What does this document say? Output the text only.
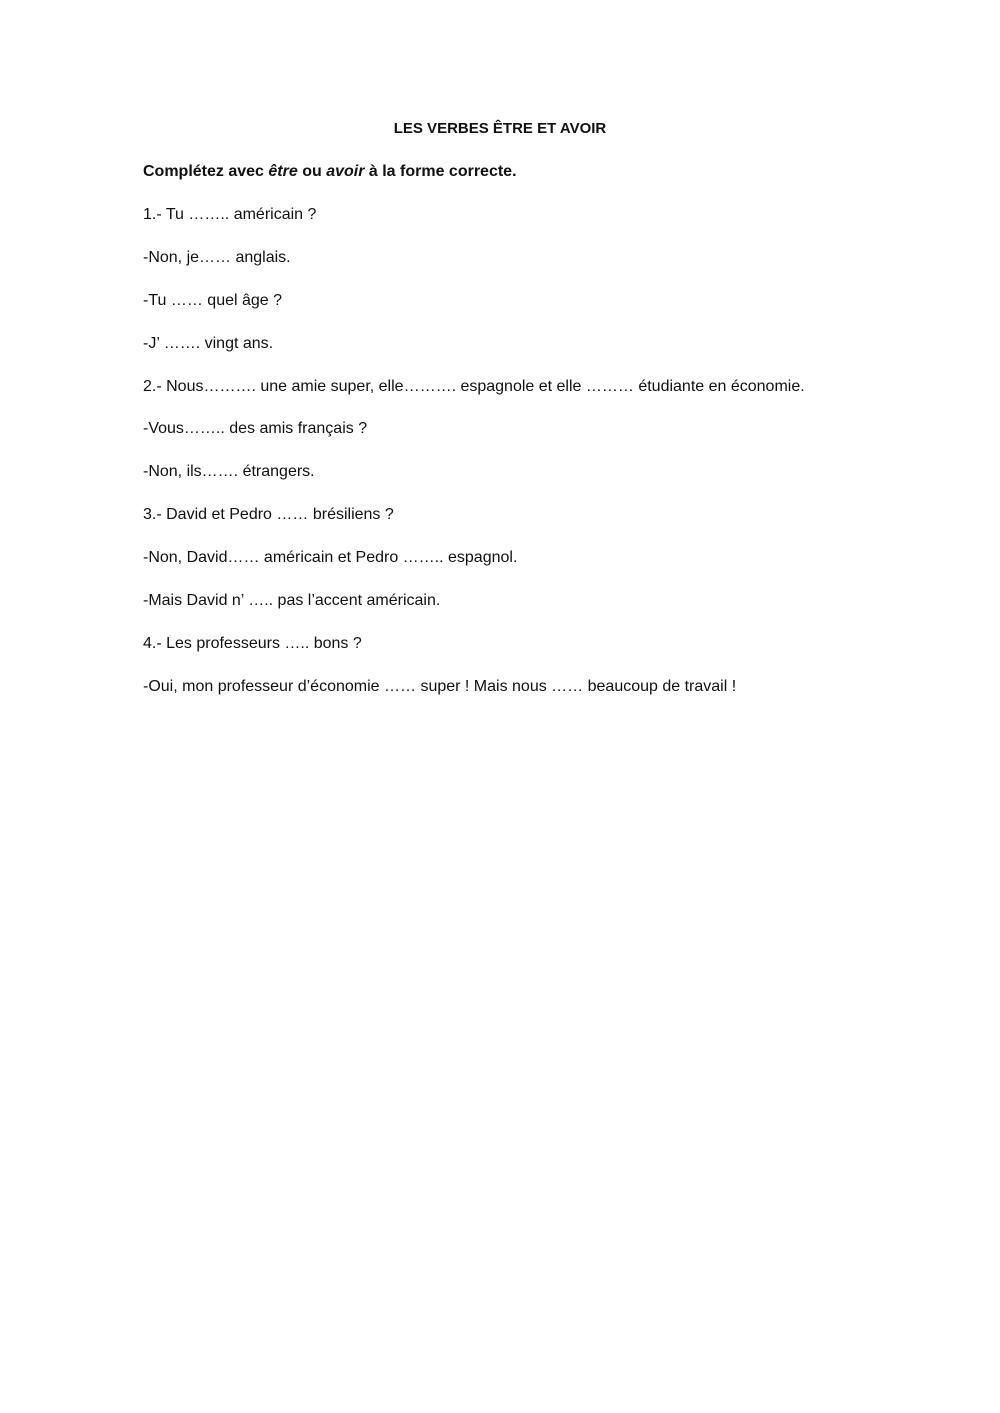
LES VERBES ÊTRE ET AVOIR

Complétez avec être ou avoir à la forme correcte.

1.- Tu …….. américain ?
-Non, je…… anglais.
-Tu …… quel âge ?
-J’ ……. vingt ans.
2.- Nous………. une amie super, elle………. espagnole et elle ……… étudiante en économie.
-Vous…….. des amis français ?
-Non, ils……. étrangers.
3.- David et Pedro …… brésiliens ?
-Non, David…… américain et Pedro …….. espagnol.
-Mais David n’ ….. pas l’accent américain.
4.- Les professeurs ….. bons ?
-Oui, mon professeur d’économie …… super ! Mais nous …… beaucoup de travail !
